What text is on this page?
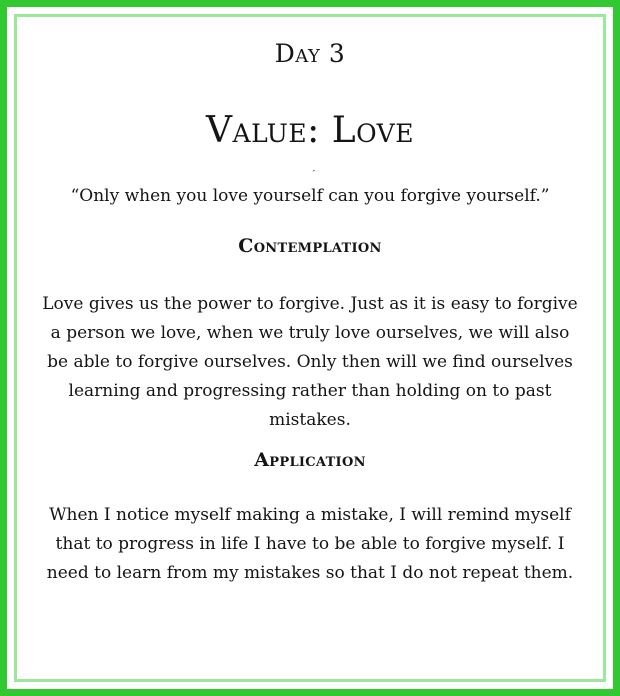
Day 3
Value: Love
ˏ
“Only when you love yourself can you forgive yourself.”
Contemplation
Love gives us the power to forgive. Just as it is easy to forgive a person we love, when we truly love ourselves, we will also be able to forgive ourselves. Only then will we find ourselves learning and progressing rather than holding on to past mistakes.
Application
When I notice myself making a mistake, I will remind myself that to progress in life I have to be able to forgive myself. I need to learn from my mistakes so that I do not repeat them.
